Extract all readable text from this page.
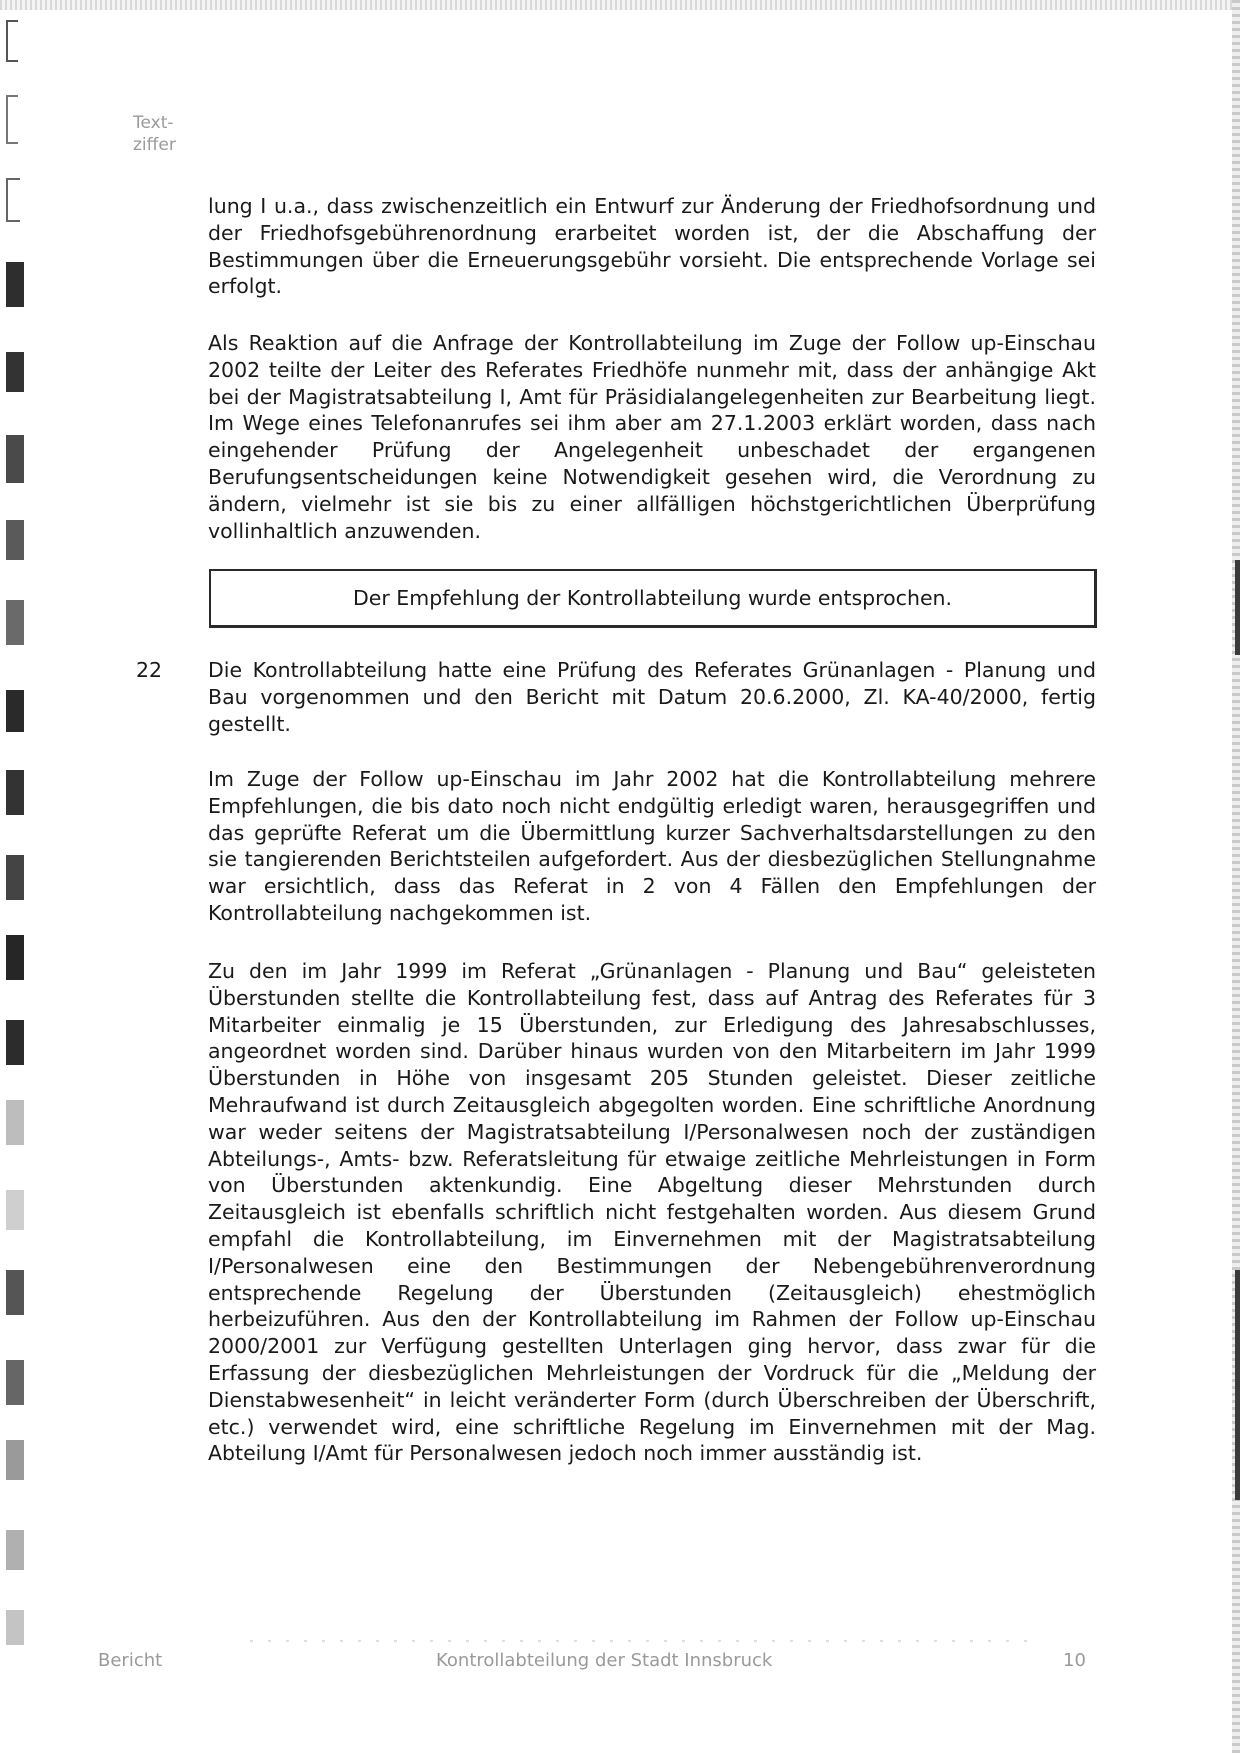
Text-
ziffer

lung I u.a., dass zwischenzeitlich ein Entwurf zur Änderung der Friedhofsordnung und der Friedhofsgebührenordnung erarbeitet worden ist, der die Abschaffung der Bestimmungen über die Erneuerungsgebühr vorsieht. Die entsprechende Vorlage sei erfolgt.

Als Reaktion auf die Anfrage der Kontrollabteilung im Zuge der Follow up-Einschau 2002 teilte der Leiter des Referates Friedhöfe nunmehr mit, dass der anhängige Akt bei der Magistratsabteilung I, Amt für Präsidialangelegenheiten zur Bearbeitung liegt. Im Wege eines Telefonanrufes sei ihm aber am 27.1.2003 erklärt worden, dass nach eingehender Prüfung der Angelegenheit unbeschadet der ergangenen Berufungsentscheidungen keine Notwendigkeit gesehen wird, die Verordnung zu ändern, vielmehr ist sie bis zu einer allfälligen höchstgerichtlichen Überprüfung vollinhaltlich anzuwenden.

Der Empfehlung der Kontrollabteilung wurde entsprochen.
22 Die Kontrollabteilung hatte eine Prüfung des Referates Grünanlagen - Planung und Bau vorgenommen und den Bericht mit Datum 20.6.2000, Zl. KA-40/2000, fertig gestellt.

Im Zuge der Follow up-Einschau im Jahr 2002 hat die Kontrollabteilung mehrere Empfehlungen, die bis dato noch nicht endgültig erledigt waren, herausgegriffen und das geprüfte Referat um die Übermittlung kurzer Sachverhaltsdarstellungen zu den sie tangierenden Berichtsteilen aufgefordert. Aus der diesbezüglichen Stellungnahme war ersichtlich, dass das Referat in 2 von 4 Fällen den Empfehlungen der Kontrollabteilung nachgekommen ist.

Zu den im Jahr 1999 im Referat „Grünanlagen - Planung und Bau“ geleisteten Überstunden stellte die Kontrollabteilung fest, dass auf Antrag des Referates für 3 Mitarbeiter einmalig je 15 Überstunden, zur Erledigung des Jahresabschlusses, angeordnet worden sind. Darüber hinaus wurden von den Mitarbeitern im Jahr 1999 Überstunden in Höhe von insgesamt 205 Stunden geleistet. Dieser zeitliche Mehraufwand ist durch Zeitausgleich abgegolten worden. Eine schriftliche Anordnung war weder seitens der Magistratsabteilung I/Personalwesen noch der zuständigen Abteilungs-, Amts- bzw. Referatsleitung für etwaige zeitliche Mehrleistungen in Form von Überstunden aktenkundig. Eine Abgeltung dieser Mehrstunden durch Zeitausgleich ist ebenfalls schriftlich nicht festgehalten worden. Aus diesem Grund empfahl die Kontrollabteilung, im Einvernehmen mit der Magistratsabteilung I/Personalwesen eine den Bestimmungen der Nebengebührenverordnung entsprechende Regelung der Überstunden (Zeitausgleich) ehestmöglich herbeizuführen. Aus den der Kontrollabteilung im Rahmen der Follow up-Einschau 2000/2001 zur Verfügung gestellten Unterlagen ging hervor, dass zwar für die Erfassung der diesbezüglichen Mehrleistungen der Vordruck für die „Meldung der Dienstabwesenheit“ in leicht veränderter Form (durch Überschreiben der Überschrift, etc.) verwendet wird, eine schriftliche Regelung im Einvernehmen mit der Mag. Abteilung I/Amt für Personalwesen jedoch noch immer ausständig ist.

Bericht	Kontrollabteilung der Stadt Innsbruck	10
